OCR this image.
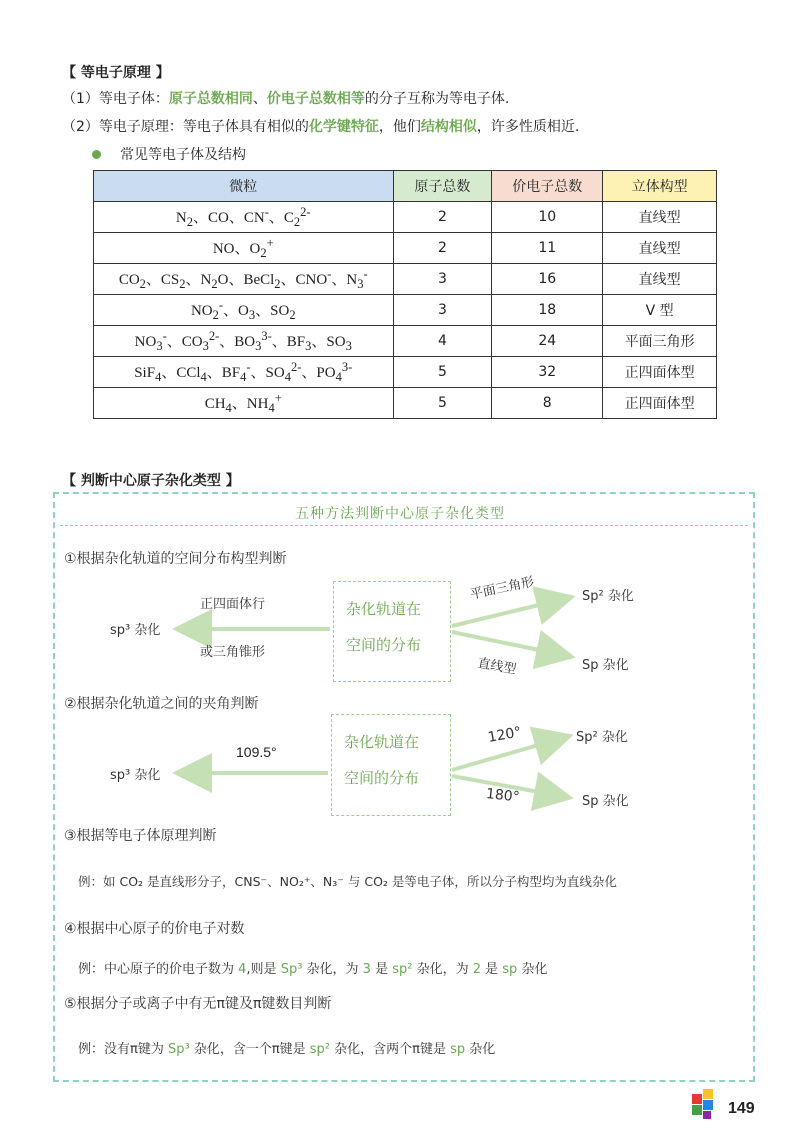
【 等电子原理 】
（1）等电子体：原子总数相同、价电子总数相等的分子互称为等电子体.
（2）等电子原理：等电子体具有相似的化学键特征，他们结构相似，许多性质相近.
常见等电子体及结构
微粒	原子总数	价电子总数	立体构型
$N_2$、CO、CN-、$C_2^{2-}$	2	10	直线型
NO、$O_2^+$	2	11	直线型
$CO_2$、$CS_2$、$N_2O$、BeCl$_2$、CNO-、$N_3^-$	3	16	直线型
$NO_2^-$、$O_3$、$SO_2$	3	18	V 型
$NO_3^-$、$CO_3^{2-}$、$BO_3^{3-}$、$BF_3$、$SO_3$	4	24	平面三角形
SiF$_4$、CCl$_4$、$BF_4^-$、$SO_4^{2-}$、$PO_4^{3-}$	5	32	正四面体型
$CH_4$、$NH_4^+$	5	8	正四面体型
【 判断中心原子杂化类型 】
五种方法判断中心原子杂化类型
①根据杂化轨道的空间分布构型判断
正四面体行
或三角锥形
sp³ 杂化
杂化轨道在
空间的分布
平面三角形	Sp² 杂化
直线型	Sp 杂化
②根据杂化轨道之间的夹角判断
109.5°
sp³ 杂化
杂化轨道在
空间的分布
120°	Sp² 杂化
180°	Sp 杂化
③根据等电子体原理判断
例：如 CO₂ 是直线形分子，CNS⁻、NO₂⁺、N₃⁻ 与 CO₂ 是等电子体，所以分子构型均为直线杂化
④根据中心原子的价电子对数
例：中心原子的价电子数为 4,则是 Sp³ 杂化，为 3 是 sp² 杂化，为 2 是 sp 杂化
⑤根据分子或离子中有无π键及π键数目判断
例：没有π键为 Sp³ 杂化，含一个π键是 sp² 杂化，含两个π键是 sp 杂化
149
